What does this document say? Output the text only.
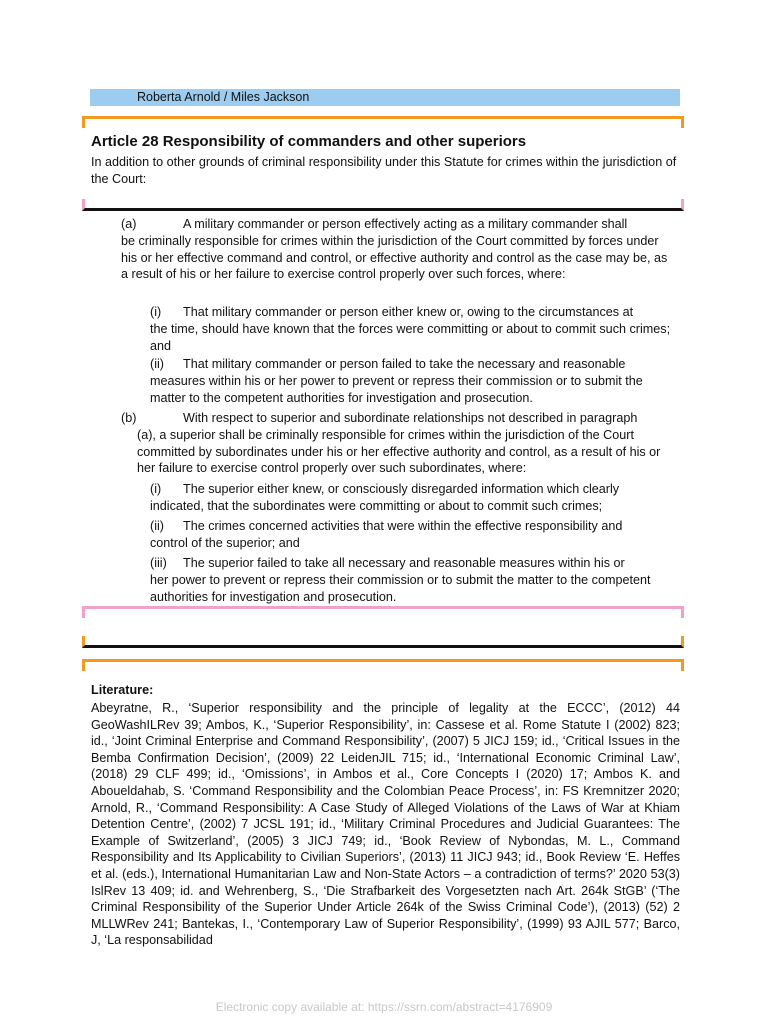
Roberta Arnold / Miles Jackson
Article 28 Responsibility of commanders and other superiors
In addition to other grounds of criminal responsibility under this Statute for crimes within the jurisdiction of the Court:
(a)	A military commander or person effectively acting as a military commander shall
be criminally responsible for crimes within the jurisdiction of the Court committed by forces under his or her effective command and control, or effective authority and control as the case may be, as a result of his or her failure to exercise control properly over such forces, where:
(i) That military commander or person either knew or, owing to the circumstances at
the time, should have known that the forces were committing or about to commit such crimes; and
(ii) That military commander or person failed to take the necessary and reasonable
measures within his or her power to prevent or repress their commission or to submit the matter to the competent authorities for investigation and prosecution.
(b)	With respect to superior and subordinate relationships not described in paragraph

(a), a superior shall be criminally responsible for crimes within the jurisdiction of the Court committed by subordinates under his or her effective authority and control, as a result of his or her failure to exercise control properly over such subordinates, where:
(i) The superior either knew, or consciously disregarded information which clearly
indicated, that the subordinates were committing or about to commit such crimes;
(ii) The crimes concerned activities that were within the effective responsibility and
control of the superior; and
(iii) The superior failed to take all necessary and reasonable measures within his or
her power to prevent or repress their commission or to submit the matter to the competent authorities for investigation and prosecution.
Literature:
Abeyratne, R., ‘Superior responsibility and the principle of legality at the ECCC’, (2012) 44 GeoWashILRev 39; Ambos, K., ‘Superior Responsibility’, in: Cassese et al. Rome Statute I (2002) 823; id., ‘Joint Criminal Enterprise and Command Responsibility’, (2007) 5 JICJ 159; id., ‘Critical Issues in the Bemba Confirmation Decision’, (2009) 22 LeidenJIL 715; id., ‘International Economic Criminal Law’, (2018) 29 CLF 499; id., ‘Omissions’, in Ambos et al., Core Concepts I (2020) 17; Ambos K. and Aboueldahab, S. ‘Command Responsibility and the Colombian Peace Process’, in: FS Kremnitzer 2020; Arnold, R., ‘Command Responsibility: A Case Study of Alleged Violations of the Laws of War at Khiam Detention Centre’, (2002) 7 JCSL 191; id., ‘Military Criminal Procedures and Judicial Guarantees: The Example of Switzerland’, (2005) 3 JICJ 749; id., ‘Book Review of Nybondas, M. L., Command Responsibility and Its Applicability to Civilian Superiors’, (2013) 11 JICJ 943; id., Book Review ‘E. Heffes et al. (eds.), International Humanitarian Law and Non-State Actors – a contradiction of terms?’ 2020 53(3) IslRev 13 409; id. and Wehrenberg, S., ‘Die Strafbarkeit des Vorgesetzten nach Art. 264k StGB’ (‘The Criminal Responsibility of the Superior Under Article 264k of the Swiss Criminal Code’), (2013) (52) 2 MLLWRev 241; Bantekas, I., ‘Contemporary Law of Superior Responsibility’, (1999) 93 AJIL 577; Barco, J, ‘La responsabilidad
Electronic copy available at: https://ssrn.com/abstract=4176909
